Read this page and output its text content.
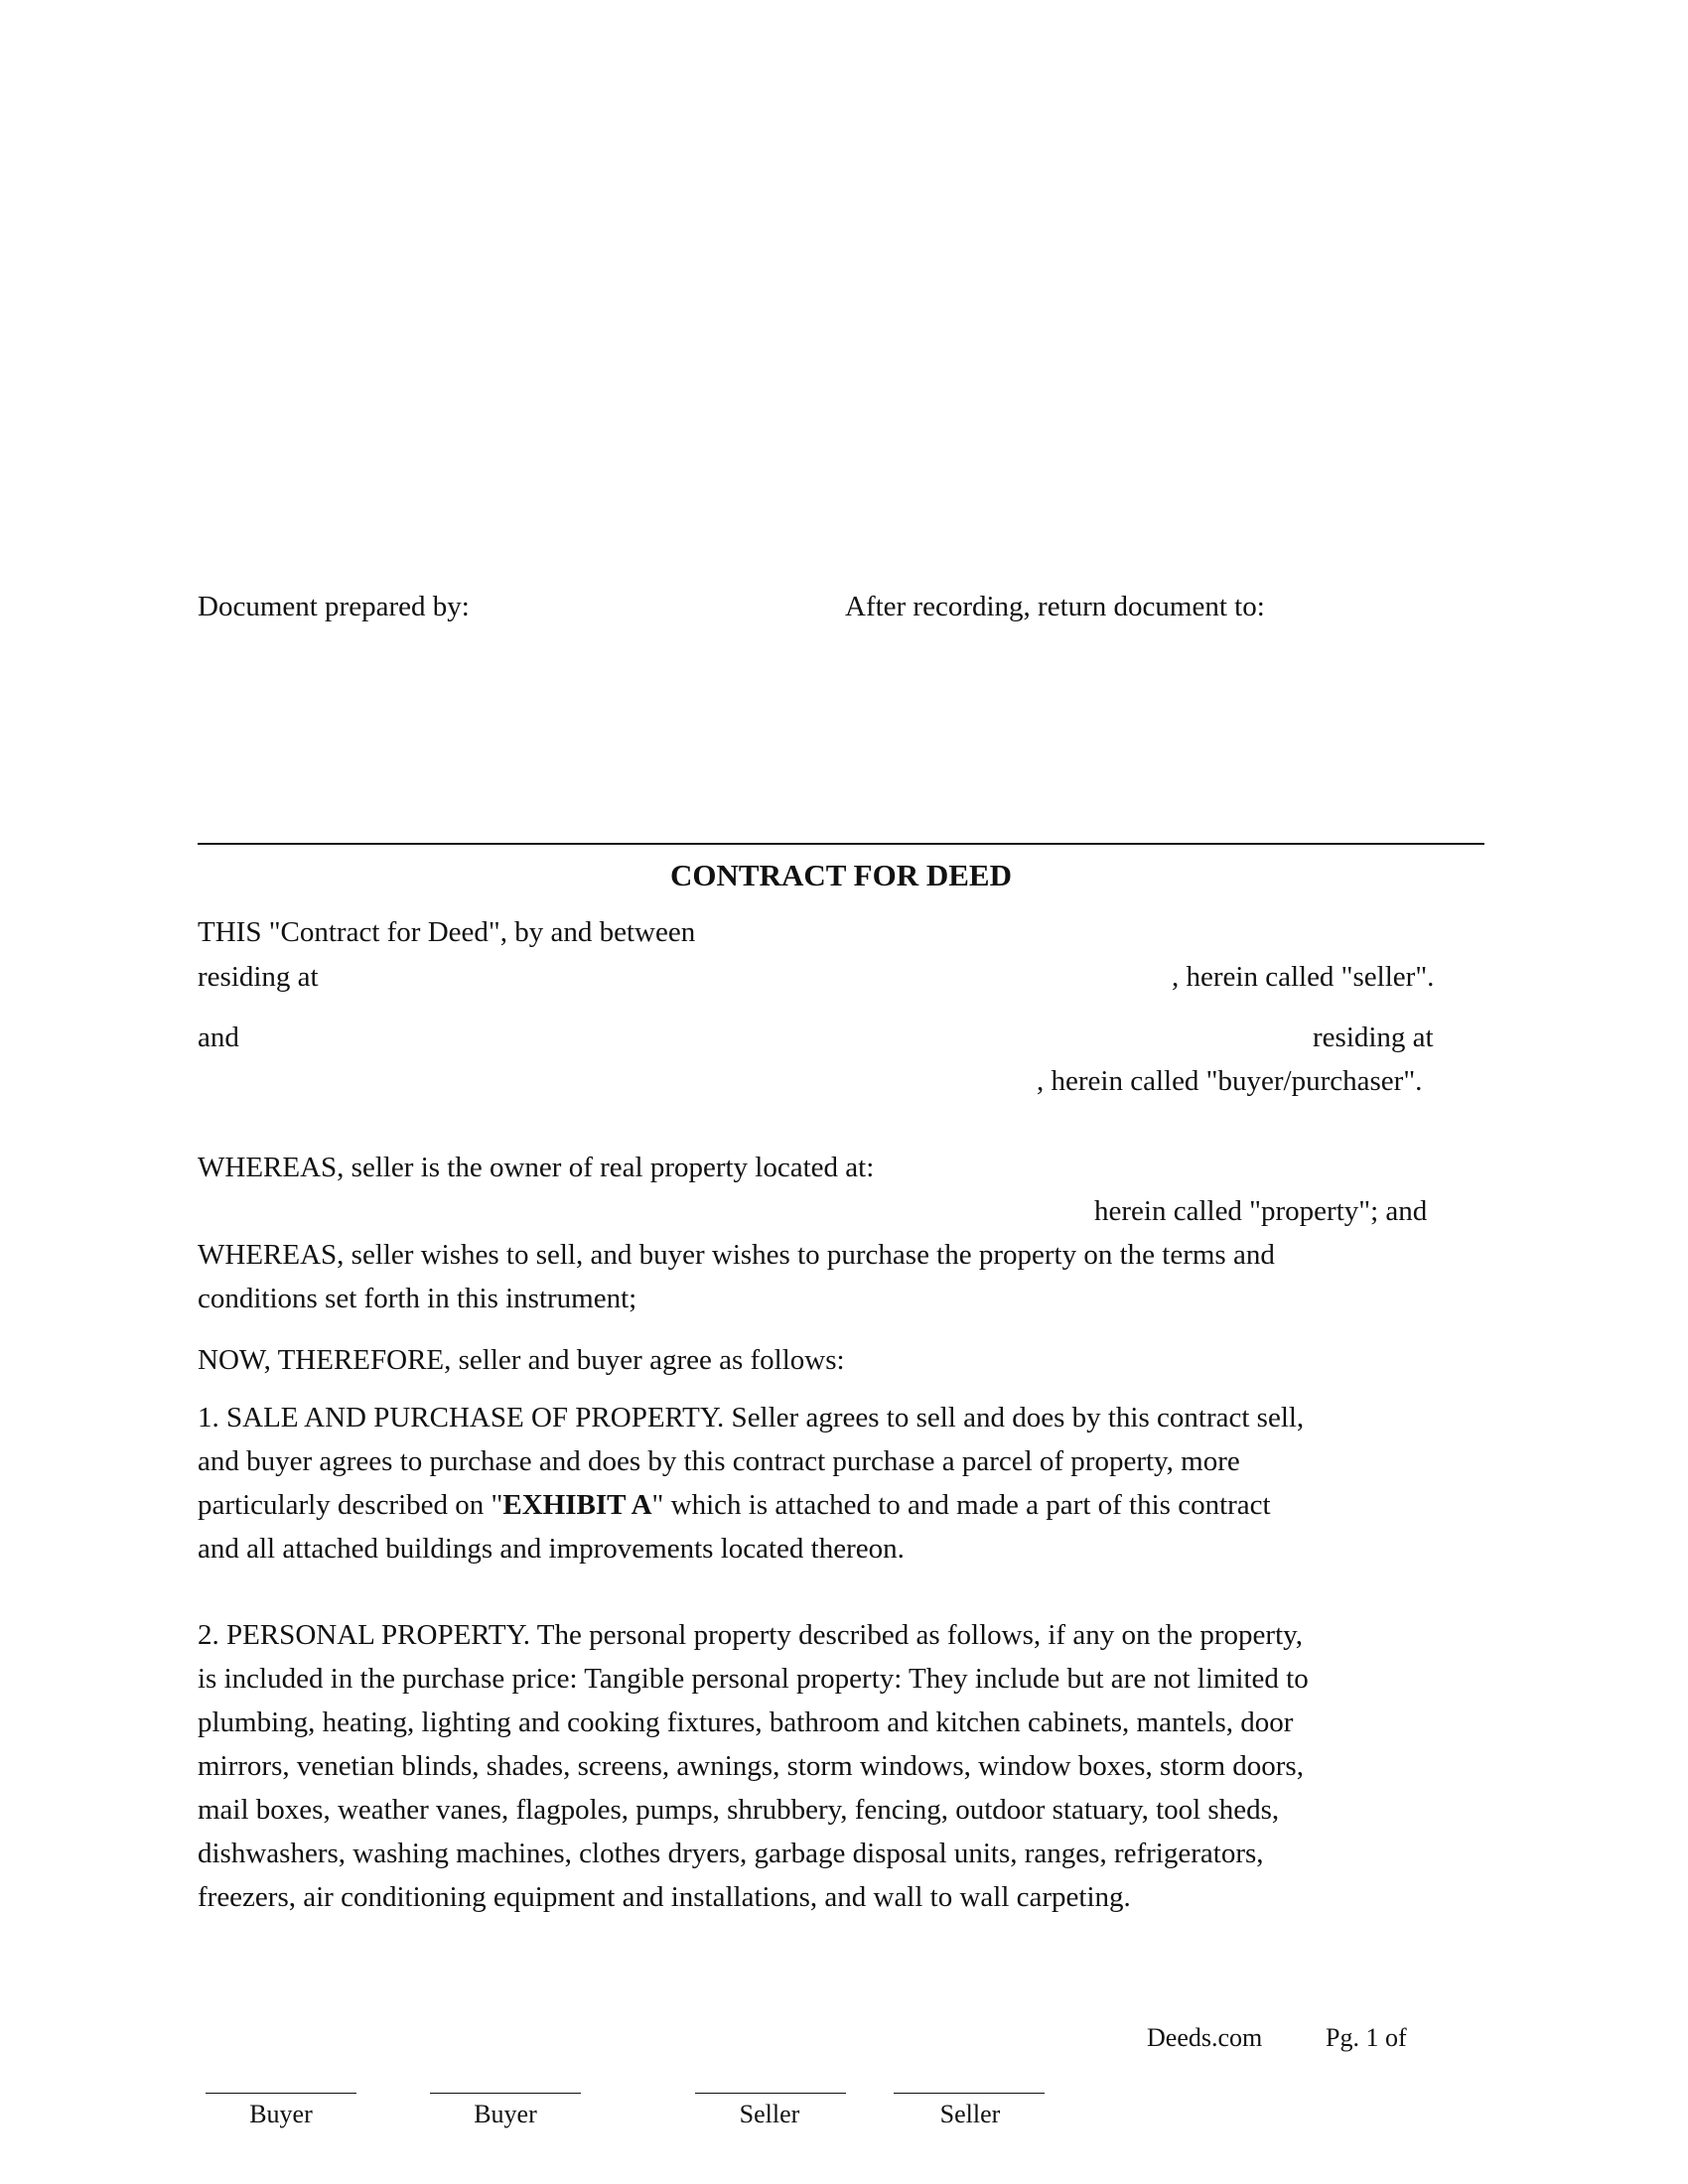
Document prepared by:	After recording, return document to:
CONTRACT FOR DEED
THIS "Contract for Deed", by and between
residing at	, herein called "seller".
and	residing at
, herein called "buyer/purchaser".
WHEREAS, seller is the owner of real property located at:
herein called "property"; and
WHEREAS, seller wishes to sell, and buyer wishes to purchase the property on the terms and
conditions set forth in this instrument;
NOW, THEREFORE, seller and buyer agree as follows:
1. SALE AND PURCHASE OF PROPERTY. Seller agrees to sell and does by this contract sell,
and buyer agrees to purchase and does by this contract purchase a parcel of property, more
particularly described on "EXHIBIT A" which is attached to and made a part of this contract
and all attached buildings and improvements located thereon.
2. PERSONAL PROPERTY. The personal property described as follows, if any on the property,
is included in the purchase price: Tangible personal property: They include but are not limited to
plumbing, heating, lighting and cooking fixtures, bathroom and kitchen cabinets, mantels, door
mirrors, venetian blinds, shades, screens, awnings, storm windows, window boxes, storm doors,
mail boxes, weather vanes, flagpoles, pumps, shrubbery, fencing, outdoor statuary, tool sheds,
dishwashers, washing machines, clothes dryers, garbage disposal units, ranges, refrigerators,
freezers, air conditioning equipment and installations, and wall to wall carpeting.
Deeds.com Pg. 1 of
Buyer	Buyer	Seller	Seller
